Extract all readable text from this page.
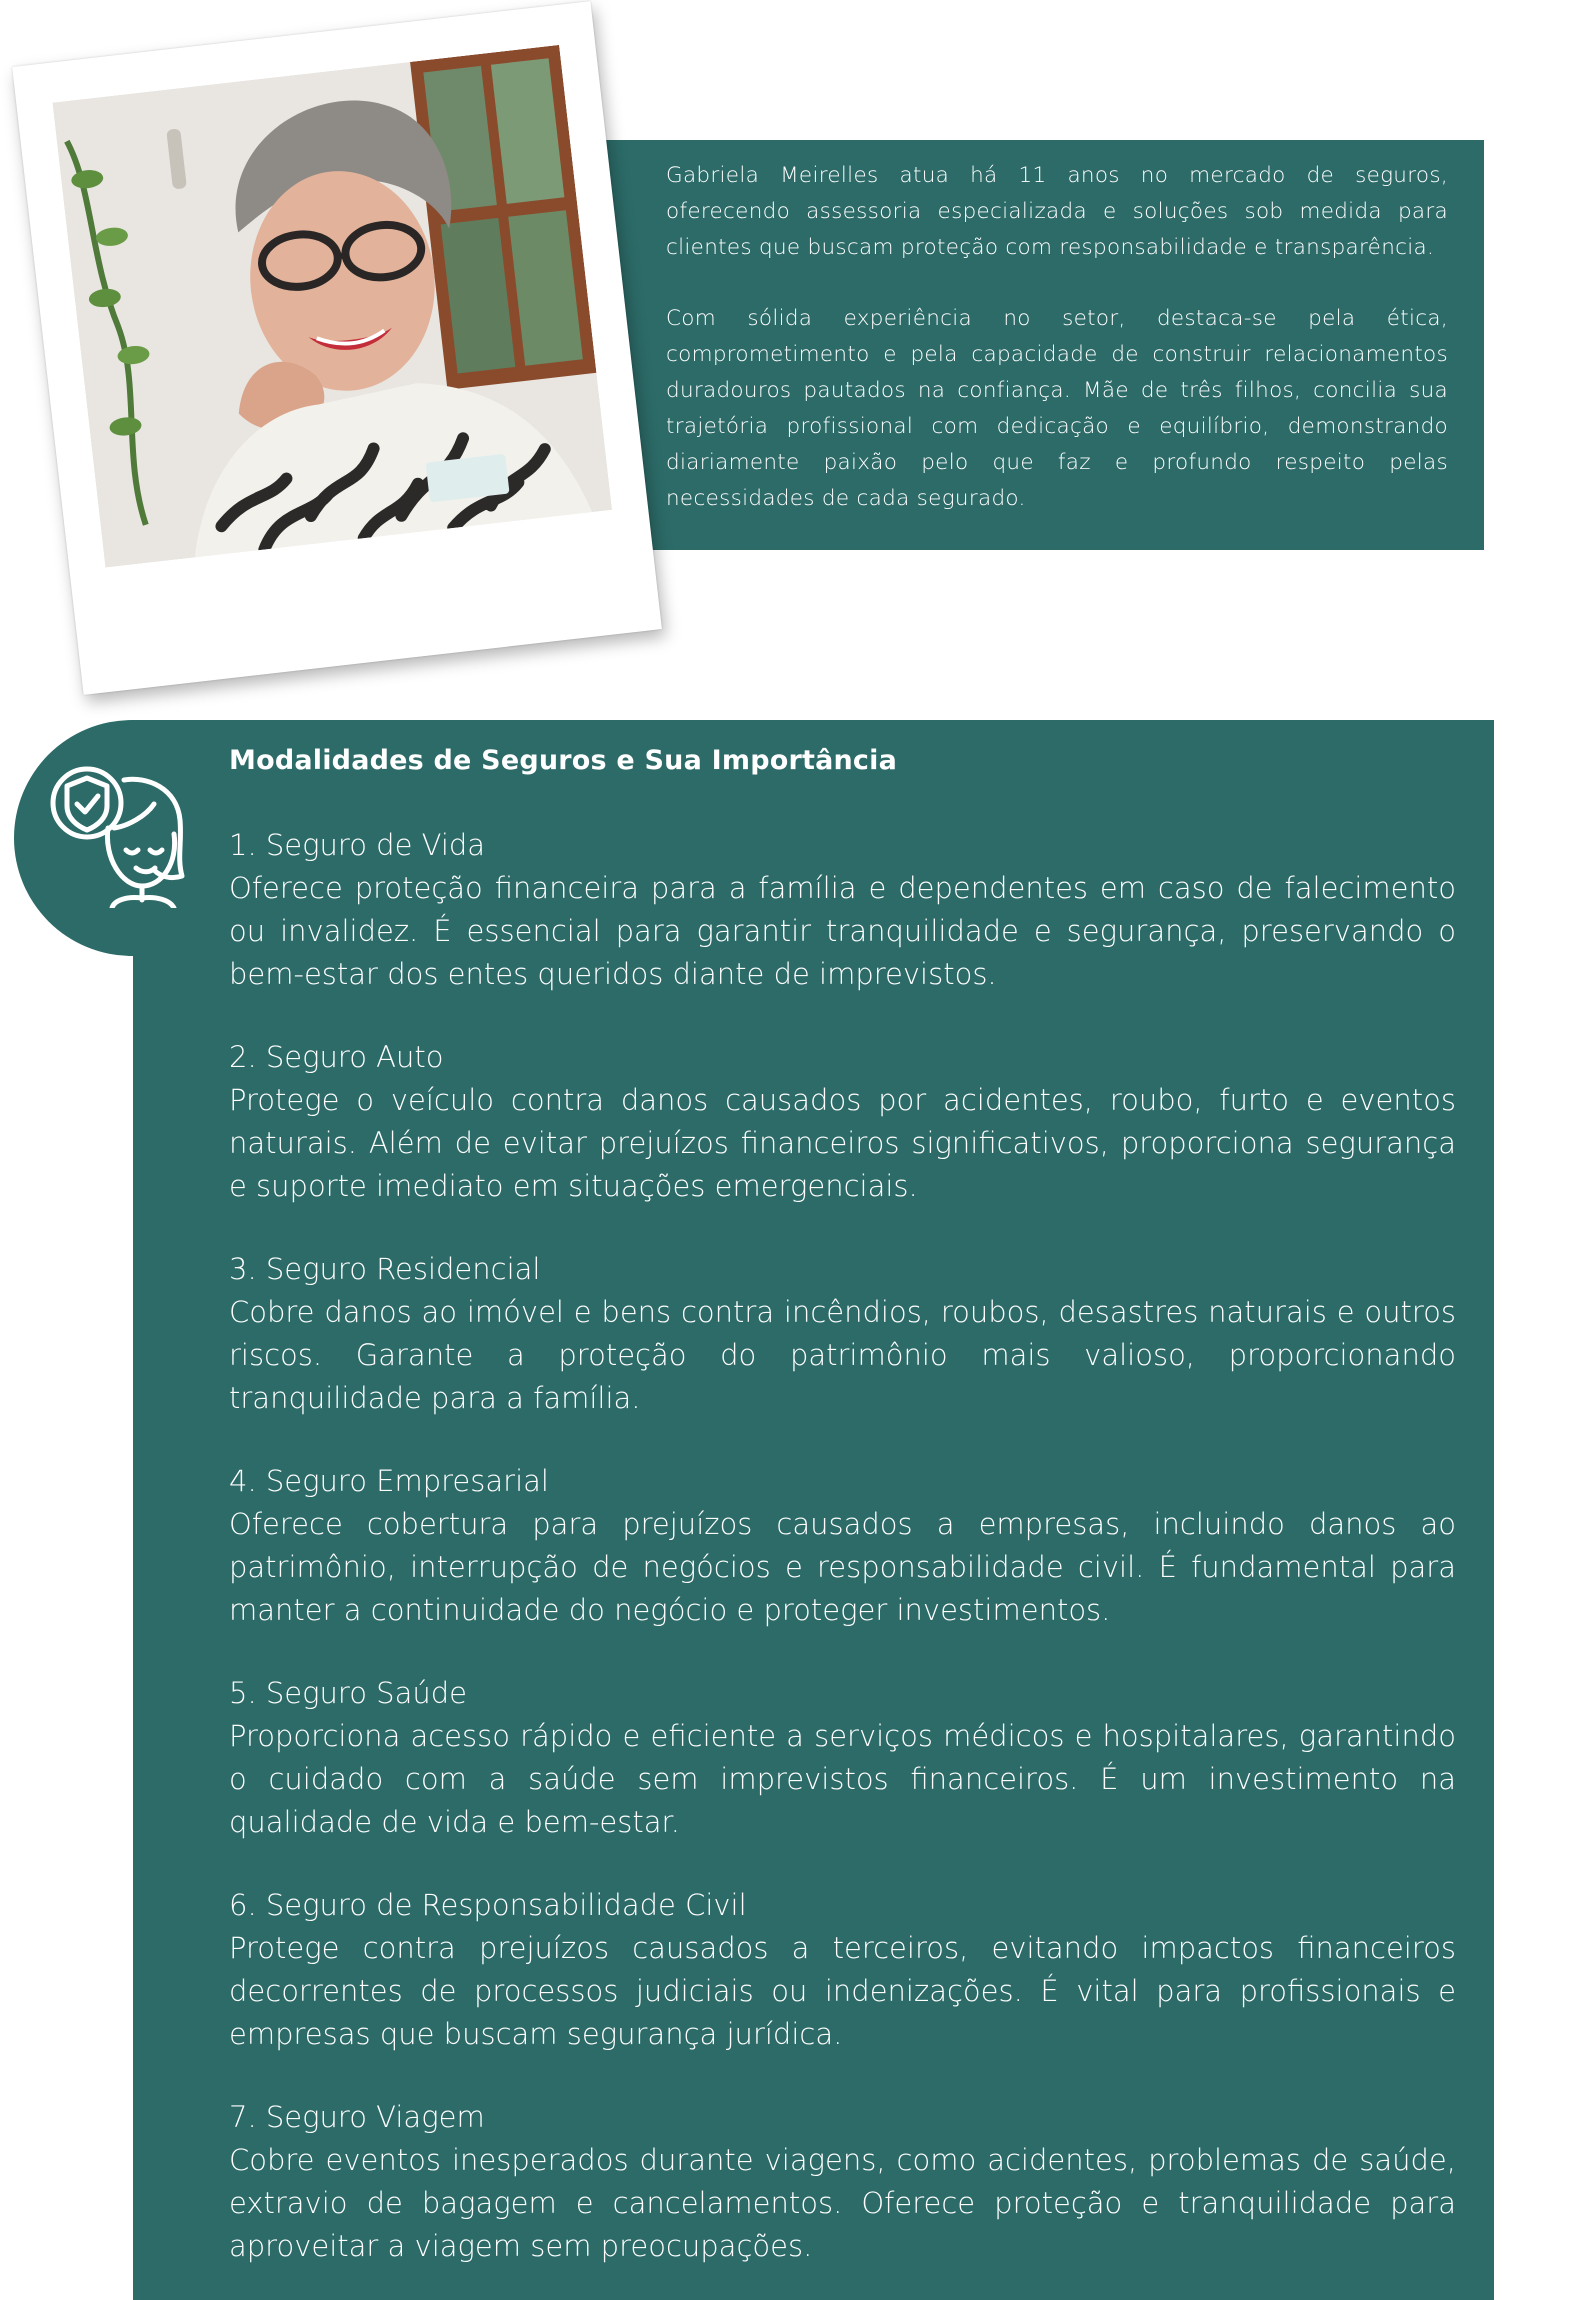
Gabriela Meirelles atua há 11 anos no mercado de seguros, oferecendo assessoria especializada e soluções sob medida para clientes que buscam proteção com responsabilidade e transparência.

Com sólida experiência no setor, destaca-se pela ética, comprometimento e pela capacidade de construir relacionamentos duradouros pautados na confiança. Mãe de três filhos, concilia sua trajetória profissional com dedicação e equilíbrio, demonstrando diariamente paixão pelo que faz e profundo respeito pelas necessidades de cada segurado.

Modalidades de Seguros e Sua Importância
1. Seguro de Vida

Oferece proteção financeira para a família e dependentes em caso de falecimento ou invalidez. É essencial para garantir tranquilidade e segurança, preservando o bem-estar dos entes queridos diante de imprevistos.

2. Seguro Auto

Protege o veículo contra danos causados por acidentes, roubo, furto e eventos naturais. Além de evitar prejuízos financeiros significativos, proporciona segurança e suporte imediato em situações emergenciais.

3. Seguro Residencial

Cobre danos ao imóvel e bens contra incêndios, roubos, desastres naturais e outros riscos. Garante a proteção do patrimônio mais valioso, proporcionando tranquilidade para a família.

4. Seguro Empresarial

Oferece cobertura para prejuízos causados a empresas, incluindo danos ao patrimônio, interrupção de negócios e responsabilidade civil. É fundamental para manter a continuidade do negócio e proteger investimentos.

5. Seguro Saúde

Proporciona acesso rápido e eficiente a serviços médicos e hospitalares, garantindo o cuidado com a saúde sem imprevistos financeiros. É um investimento na qualidade de vida e bem-estar.

6. Seguro de Responsabilidade Civil

Protege contra prejuízos causados a terceiros, evitando impactos financeiros decorrentes de processos judiciais ou indenizações. É vital para profissionais e empresas que buscam segurança jurídica.

7. Seguro Viagem

Cobre eventos inesperados durante viagens, como acidentes, problemas de saúde, extravio de bagagem e cancelamentos. Oferece proteção e tranquilidade para aproveitar a viagem sem preocupações.
